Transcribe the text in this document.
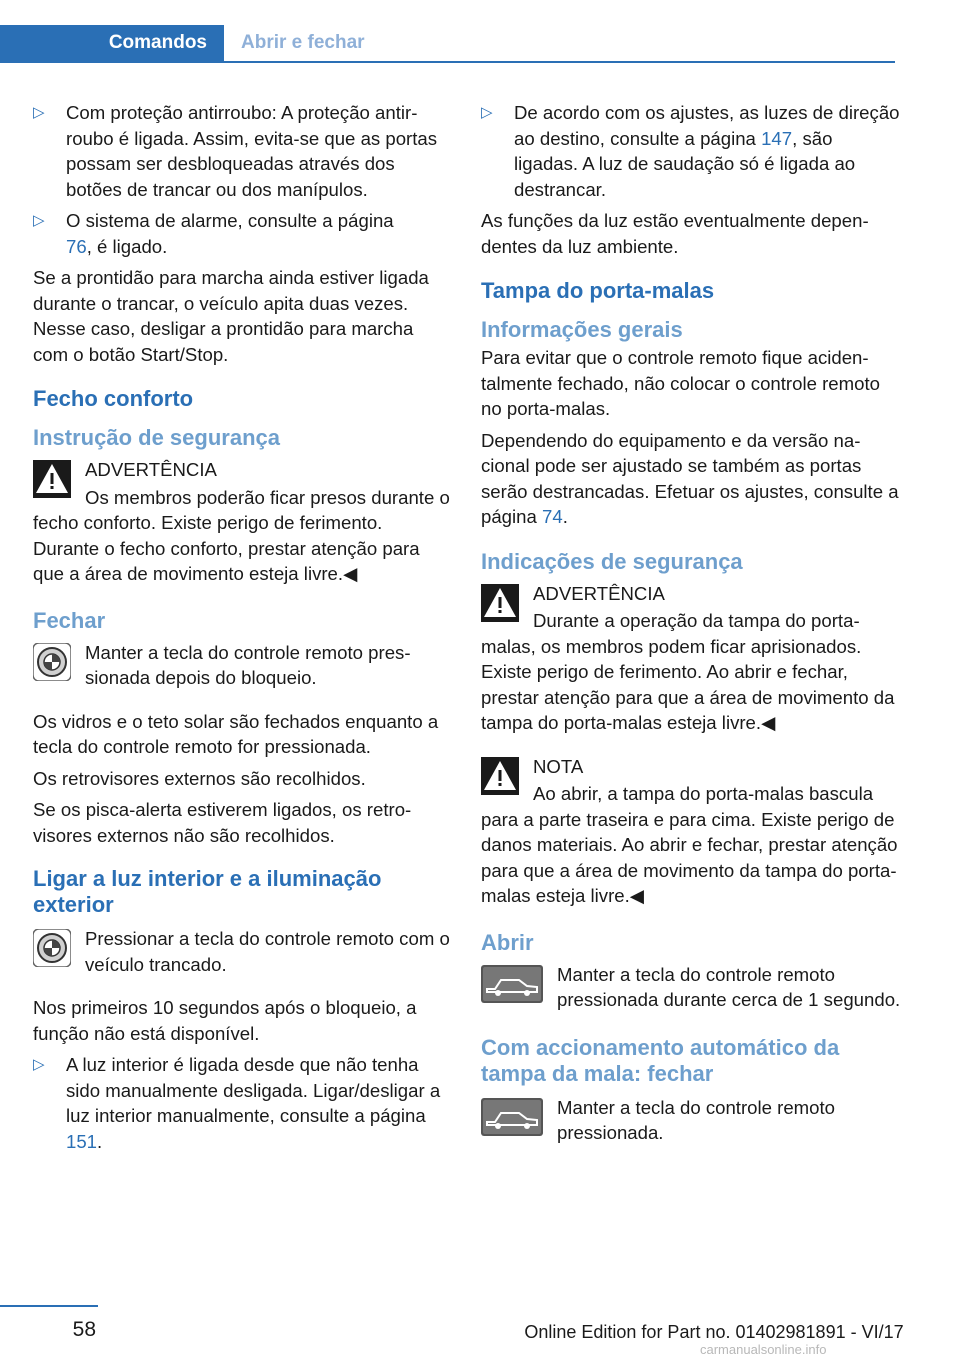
Comandos	Abrir e fechar
▷ Com proteção antirroubo: A proteção antirroubo é ligada. Assim, evita-se que as portas possam ser desbloqueadas através dos botões de trancar ou dos manípulos.
▷ O sistema de alarme, consulte a página
76, é ligado.

Se a prontidão para marcha ainda estiver ligada durante o trancar, o veículo apita duas vezes. Nesse caso, desligar a prontidão para marcha com o botão Start/Stop.

Fecho conforto
Instrução de segurança

ADVERTÊNCIA

Os membros poderão ficar presos durante o fecho conforto. Existe perigo de ferimento. Durante o fecho conforto, prestar atenção para que a área de movimento esteja livre.◀

Fechar

Manter a tecla do controle remoto pressionada depois do bloqueio.

Os vidros e o teto solar são fechados enquanto a tecla do controle remoto for pressionada.

Os retrovisores externos são recolhidos.

Se os pisca-alerta estiverem ligados, os retrovisores externos não são recolhidos.

Ligar a luz interior e a iluminação exterior

Pressionar a tecla do controle remoto com o veículo trancado.

Nos primeiros 10 segundos após o bloqueio, a função não está disponível.

▷ A luz interior é ligada desde que não tenha sido manualmente desligada. Ligar/desligar a luz interior manualmente, consulte a página 151.
▷ De acordo com os ajustes, as luzes de direção ao destino, consulte a página 147, são ligadas. A luz de saudação só é ligada ao destrancar.

As funções da luz estão eventualmente dependentes da luz ambiente.

Tampa do porta-malas
Informações gerais

Para evitar que o controle remoto fique acidentalmente fechado, não colocar o controle remoto no porta-malas.

Dependendo do equipamento e da versão nacional pode ser ajustado se também as portas serão destrancadas. Efetuar os ajustes, consulte a página 74.

Indicações de segurança

ADVERTÊNCIA

Durante a operação da tampa do porta-malas, os membros podem ficar aprisionados. Existe perigo de ferimento. Ao abrir e fechar, prestar atenção para que a área de movimento da tampa do porta-malas esteja livre.◀

NOTA

Ao abrir, a tampa do porta-malas bascula para a parte traseira e para cima. Existe perigo de danos materiais. Ao abrir e fechar, prestar atenção para que a área de movimento da tampa do porta-malas esteja livre.◀

Abrir

Manter a tecla do controle remoto pressionada durante cerca de 1 segundo.

Com accionamento automático da tampa da mala: fechar

Manter a tecla do controle remoto pressionada.

58	Online Edition for Part no. 01402981891 - VI/17
carmanualsonline.info
